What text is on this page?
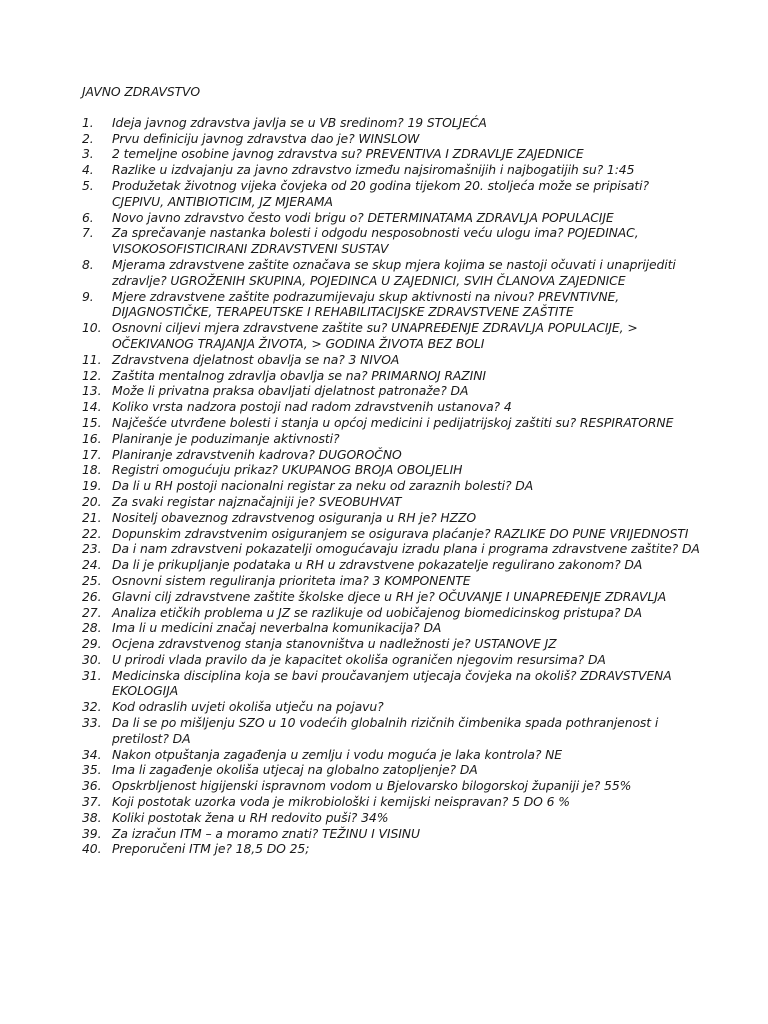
JAVNO ZDRAVSTVO
1.	Ideja javnog zdravstva javlja se u VB sredinom? 19 STOLJEĆA
2.	Prvu definiciju javnog zdravstva dao je? WINSLOW
3.	2 temeljne osobine javnog zdravstva su? PREVENTIVA I ZDRAVLJE ZAJEDNICE
4.	Razlike u izdvajanju za javno zdravstvo između najsiromašnijih i najbogatijih su? 1:45
5.	Produžetak životnog vijeka čovjeka od 20 godina tijekom 20. stoljeća može se pripisati? CJEPIVU, ANTIBIOTICIM, JZ MJERAMA
6.	Novo javno zdravstvo često vodi brigu o? DETERMINATAMA ZDRAVLJA POPULACIJE
7.	Za sprečavanje nastanka bolesti i odgodu nesposobnosti veću ulogu ima? POJEDINAC, VISOKOSOFISTICIRANI ZDRAVSTVENI SUSTAV
8.	Mjerama zdravstvene zaštite označava se skup mjera kojima se nastoji očuvati i unaprijediti zdravlje? UGROŽENIH SKUPINA, POJEDINCA U ZAJEDNICI, SVIH ČLANOVA ZAJEDNICE
9.	Mjere zdravstvene zaštite podrazumijevaju skup aktivnosti na nivou? PREVNTIVNE, DIJAGNOSTIČKE, TERAPEUTSKE I REHABILITACIJSKE ZDRAVSTVENE ZAŠTITE
10. Osnovni ciljevi mjera zdravstvene zaštite su? UNAPREĐENJE ZDRAVLJA POPULACIJE, > OČEKIVANOG TRAJANJA ŽIVOTA, > GODINA ŽIVOTA BEZ BOLI
11. Zdravstvena djelatnost obavlja se na? 3 NIVOA
12. Zaštita mentalnog zdravlja obavlja se na? PRIMARNOJ RAZINI
13. Može li privatna praksa obavljati djelatnost patronaže? DA
14. Koliko vrsta nadzora postoji nad radom zdravstvenih ustanova? 4
15. Najčešće utvrđene bolesti i stanja u općoj medicini i pedijatrijskoj zaštiti su? RESPIRATORNE
16. Planiranje je poduzimanje aktivnosti?
17. Planiranje zdravstvenih kadrova? DUGOROČNO
18. Registri omogućuju prikaz? UKUPANOG BROJA OBOLJELIH
19. Da li u RH postoji nacionalni registar za neku od zaraznih bolesti? DA
20. Za svaki registar najznačajniji je? SVEOBUHVAT
21. Nositelj obaveznog zdravstvenog osiguranja u RH je? HZZO
22. Dopunskim zdravstvenim osiguranjem se osigurava plaćanje? RAZLIKE DO PUNE VRIJEDNOSTI
23. Da i nam zdravstveni pokazatelji omogućavaju izradu plana i programa zdravstvene zaštite? DA
24. Da li je prikupljanje podataka u RH u zdravstvene pokazatelje regulirano zakonom? DA
25. Osnovni sistem reguliranja prioriteta ima? 3 KOMPONENTE
26. Glavni cilj zdravstvene zaštite školske djece u RH je? OČUVANJE I UNAPREĐENJE ZDRAVLJA
27. Analiza etičkih problema u JZ se razlikuje od uobičajenog biomedicinskog pristupa? DA
28. Ima li u medicini značaj neverbalna komunikacija? DA
29. Ocjena zdravstvenog stanja stanovništva u nadležnosti je? USTANOVE JZ
30. U prirodi vlada pravilo da je kapacitet okoliša ograničen njegovim resursima? DA
31. Medicinska disciplina koja se bavi proučavanjem utjecaja čovjeka na okoliš? ZDRAVSTVENA EKOLOGIJA
32. Kod odraslih uvjeti okoliša utječu na pojavu?
33. Da li se po mišljenju SZO u 10 vodećih globalnih rizičnih čimbenika spada pothranjenost i pretilost? DA
34. Nakon otpuštanja zagađenja u zemlju i vodu moguća je laka kontrola? NE
35. Ima li zagađenje okoliša utjecaj na globalno zatopljenje? DA
36. Opskrbljenost higijenski ispravnom vodom u Bjelovarsko bilogorskoj županiji je? 55%
37. Koji postotak uzorka voda je mikrobiološki i kemijski neispravan? 5 DO 6 %
38. Koliki postotak žena u RH redovito puši? 34%
39. Za izračun ITM – a moramo znati? TEŽINU I VISINU
40. Preporučeni ITM je? 18,5 DO 25;
